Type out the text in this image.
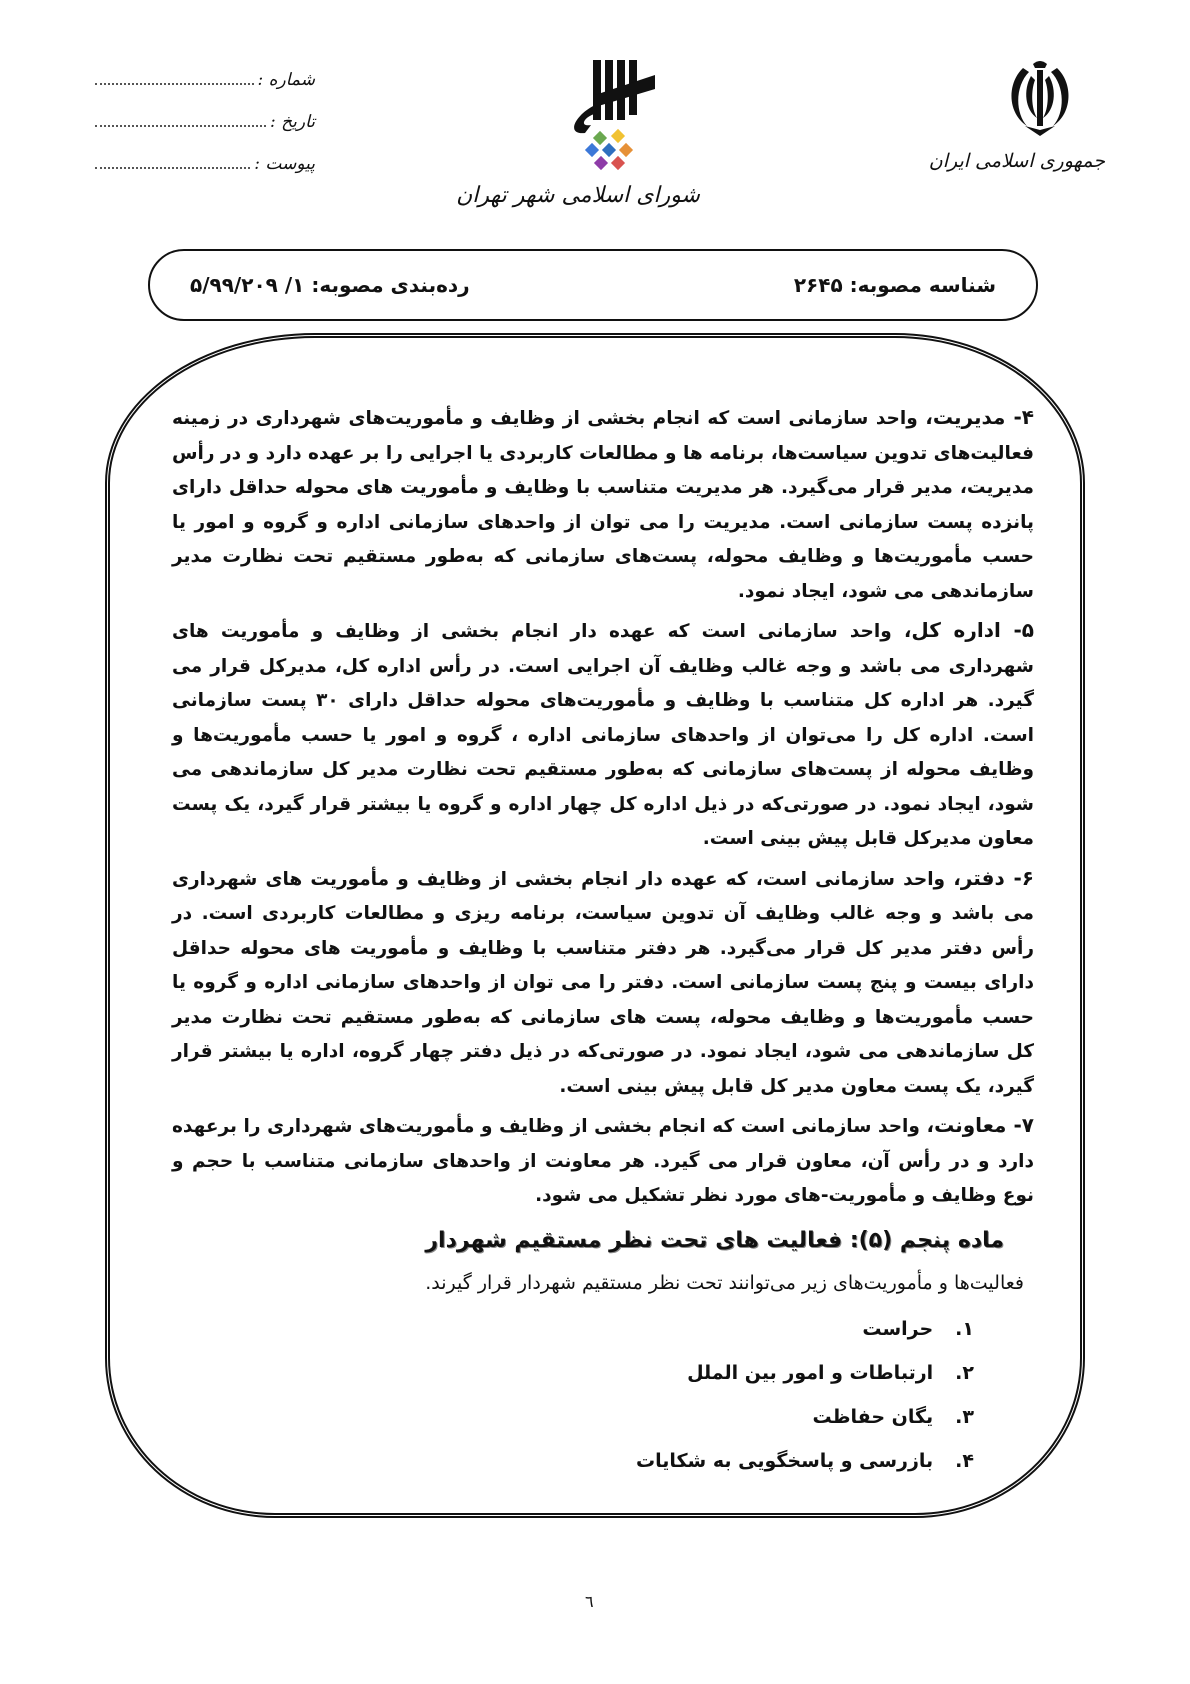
جمهوری اسلامی ایران
شورای اسلامی شهر تهران
شماره :
تاریخ :
پیوست :
شناسه مصوبه: ۲۶۴۵
رده‌بندی مصوبه: ۱/ ۵/۹۹/۲۰۹

۴- مدیریت، واحد سازمانی است که انجام بخشی از وظایف و مأموریت‌های شهرداری در زمینه فعالیت‌های تدوین سیاست‌ها، برنامه ها و مطالعات کاربردی یا اجرایی را بر عهده دارد و در رأس مدیریت، مدیر قرار می‌گیرد. هر مدیریت متناسب با وظایف و مأموریت های محوله حداقل دارای پانزده پست سازمانی است. مدیریت را می توان از واحدهای سازمانی اداره و گروه و امور یا حسب مأموریت‌ها و وظایف محوله، پست‌های سازمانی که به‌طور مستقیم تحت نظارت مدیر سازماندهی می شود، ایجاد نمود.

۵- اداره کل، واحد سازمانی است که عهده دار انجام بخشی از وظایف و مأموریت های شهرداری می باشد و وجه غالب وظایف آن اجرایی است. در رأس اداره کل، مدیرکل قرار می گیرد. هر اداره کل متناسب با وظایف و مأموریت‌های محوله حداقل دارای ۳۰ پست سازمانی است. اداره کل را می‌توان از واحدهای سازمانی اداره ، گروه و امور یا حسب مأموریت‌ها و وظایف محوله از پست‌های سازمانی که به‌طور مستقیم تحت نظارت مدیر کل سازماندهی می شود، ایجاد نمود. در صورتی‌که در ذیل اداره کل چهار اداره و گروه یا بیشتر قرار گیرد، یک پست معاون مدیرکل قابل پیش بینی است.

۶- دفتر، واحد سازمانی است، که عهده دار انجام بخشی از وظایف و مأموریت های شهرداری می باشد و وجه غالب وظایف آن تدوین سیاست، برنامه ریزی و مطالعات کاربردی است. در رأس دفتر مدیر کل قرار می‌گیرد. هر دفتر متناسب با وظایف و مأموریت های محوله حداقل دارای بیست و پنج پست سازمانی است. دفتر را می توان از واحدهای سازمانی اداره و گروه یا حسب مأموریت‌ها و وظایف محوله، پست های سازمانی که به‌طور مستقیم تحت نظارت مدیر کل سازماندهی می شود، ایجاد نمود. در صورتی‌که در ذیل دفتر چهار گروه، اداره یا بیشتر قرار گیرد، یک پست معاون مدیر کل قابل پیش بینی است.

۷- معاونت، واحد سازمانی است که انجام بخشی از وظایف و مأموریت‌های شهرداری را برعهده دارد و در رأس آن، معاون قرار می گیرد. هر معاونت از واحدهای سازمانی متناسب با حجم و نوع وظایف و مأموریت-های مورد نظر تشکیل می شود.

ماده پنجم (۵): فعالیت های تحت نظر مستقیم شهردار
فعالیت‌ها و مأموریت‌های زیر می‌توانند تحت نظر مستقیم شهردار قرار گیرند.
۱.
حراست
۲.
ارتباطات و امور بین الملل
۳.
یگان حفاظت
۴.
بازرسی و پاسخگویی به شکایات
٦
